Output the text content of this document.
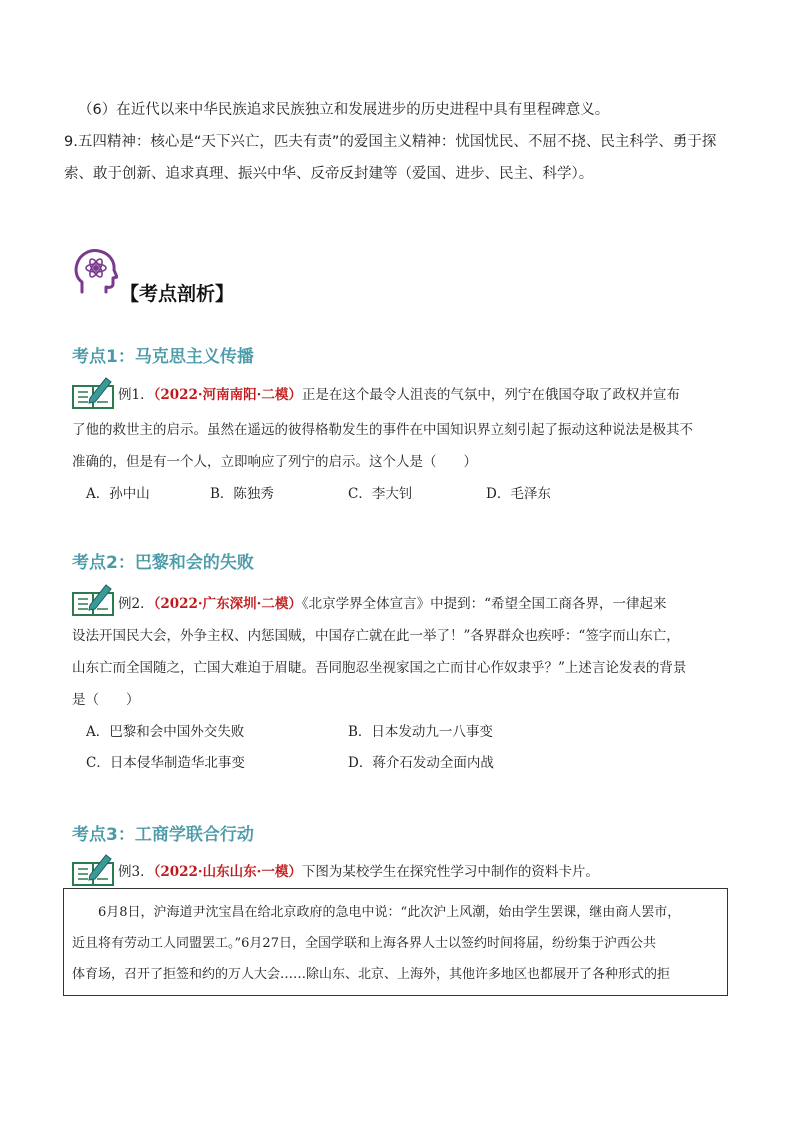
（6）在近代以来中华民族追求民族独立和发展进步的历史进程中具有里程碑意义。
9.五四精神：核心是“天下兴亡，匹夫有责”的爱国主义精神：忧国忧民、不屈不挠、民主科学、勇于探
索、敢于创新、追求真理、振兴中华、反帝反封建等（爱国、进步、民主、科学）。
【考点剖析】
考点1：马克思主义传播
例1．（2022·河南南阳·二模）正是在这个最令人沮丧的气氛中，列宁在俄国夺取了政权并宣布
了他的救世主的启示。虽然在遥远的彼得格勒发生的事件在中国知识界立刻引起了振动这种说法是极其不
准确的，但是有一个人，立即响应了列宁的启示。这个人是（　　）
A．孙中山	B．陈独秀	C．李大钊	D．毛泽东
考点2：巴黎和会的失败
例2．（2022·广东深圳·二模）《北京学界全体宣言》中提到：“希望全国工商各界，一律起来
设法开国民大会，外争主权、内惩国贼，中国存亡就在此一举了！”各界群众也疾呼：“签字而山东亡，
山东亡而全国随之，亡国大难迫于眉睫。吾同胞忍坐视家国之亡而甘心作奴隶乎？”上述言论发表的背景
是（　　）
A．巴黎和会中国外交失败	B．日本发动九一八事变
C．日本侵华制造华北事变	D．蒋介石发动全面内战
考点3：工商学联合行动
例3．（2022·山东山东·一模）下图为某校学生在探究性学习中制作的资料卡片。
6月8日，沪海道尹沈宝昌在给北京政府的急电中说：“此次沪上风潮，始由学生罢课，继由商人罢市，
近且将有劳动工人同盟罢工。”6月27日，全国学联和上海各界人士以签约时间将届，纷纷集于沪西公共
体育场，召开了拒签和约的万人大会……除山东、北京、上海外，其他许多地区也都展开了各种形式的拒
